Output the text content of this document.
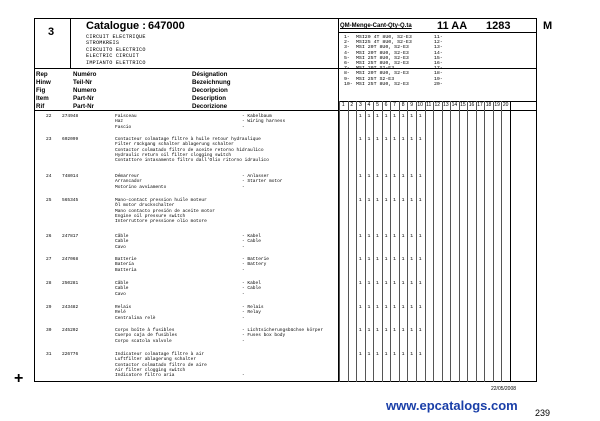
3	Catalogue : 647000
CIRCUIT ELECTRIQUE
STROMKREIS
CIRCUITO ELECTRICO
ELECTRIC CIRCUIT
IMPIANTO ELETTRICO
QM-Menge-Cant-Qty-Q.ta 11 AA 1283	M
1-	MSI20 4T 8U0, S2-E3	11-
2-	MSI25 4T 8U0, S2-E3	12-
3-	MSI 20T 8U0, S2-E3	13-
4-	MSI 20T 8U0, S2-E3	14-
5-	MSI 25T 8U0, S2-E3	15-
6-	MSI 25T 8U0, S2-E3	16-
7-	MSI 20T S2-E3	17-
8-	MSI 20T 8U0, S2-E3	18-
9-	MSI 25T S2-E3	19-
10- MSI 25T 8U0, S2-E3	20-
Rep
Hinw
Fig
Item
Rif
Numéro
Teil-Nr
Numero
Part-Nr
Part-Nr
Désignation
Bezeichnung
Decoripcion
Description
Decorizione	1	2	3	4	5	6	7	8	9 10 11 12 13 14 15 16 17 18 19 20
22 274948	Faisceau
Haz
Fascio
- Kabelbaum
- Wiring harness
-
1	1	1	1	1	1	1	1
23 602099	Contacteur colmatage filtre à huile retour hydraulique
Filter rückgang schalter ablagerung schalter
Contactor colmatado filtro de aceite retorno hidraulico
Hydraulic return oil filter clogging switch
Contattore intasamento filtro dall'Olio ritorno idraulico

1	1	1	1	1	1	1	1
24 748014	Démarreur
Arrancador
Motorino avviamento
- Anlasser
- Starter motor
-
1	1	1	1	1	1	1	1
25 565345	Mano-contact pression huile moteur
Öl motor druckschalter
Mano contacto presión de aceite motor
Engine oil pressure switch
Interruttore pressione olio motore

1	1	1	1	1	1	1	1
26 247817	Câble
Cable
Cavo
- Kabel
- Cable
-
1	1	1	1	1	1	1	1
27 247068	Batterie
Batería
Batteria
- Batterie
- Battery
-
1	1	1	1	1	1	1	1
28 250281	Câble
Cable
Cavo
- Kabel
- Cable
-
1	1	1	1	1	1	1	1
29 243482	Relais
Relé
Centralina relè
- Relais
- Relay
-
1	1	1	1	1	1	1	1
30 245202	Corps boîte à fusibles
Cuerpo caja de fusibles
Corpo scatola valvole
- Lichtsicherungsbüchse körper
- Fuses box body
-
1	1	1	1	1	1	1	1
31 226776	Indicateur colmatage filtre à air
Luftfilter ablagerung schalter
Contactor colmatado filtro de aire
Air filter clogging switch
Indicatore filtro aria	

-
1	1	1	1	1	1	1	1
+
22/05/2008
www.epcatalogs.com 239
